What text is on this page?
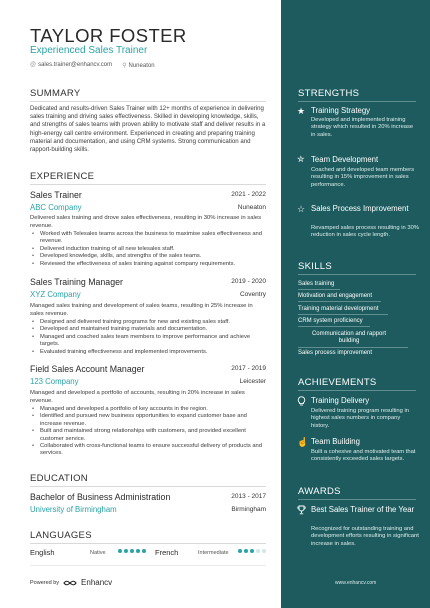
TAYLOR FOSTER
Experienced Sales Trainer
@ sales.trainer@enhancv.com ⚲ Nuneaton
SUMMARY
Dedicated and results-driven Sales Trainer with 12+ months of experience in delivering sales training and driving sales effectiveness. Skilled in developing knowledge, skills, and strengths of sales teams with proven ability to motivate staff and deliver results in a high-energy call centre environment. Experienced in creating and preparing training material and documentation, and using CRM systems. Strong communication and rapport-building skills.
EXPERIENCE
Sales Trainer	2021 - 2022
ABC Company	Nuneaton
Delivered sales training and drove sales effectiveness, resulting in 30% increase in sales revenue.
• Worked with Telesales teams across the business to maximise sales effectiveness and revenue.
• Delivered induction training of all new telesales staff.
• Developed knowledge, skills, and strengths of the sales teams.
• Reviewed the effectiveness of sales training against company requirements.
Sales Training Manager	2019 - 2020
XYZ Company	Coventry
Managed sales training and development of sales teams, resulting in 25% increase in sales revenue.
• Designed and delivered training programs for new and existing sales staff.
• Developed and maintained training materials and documentation.
• Managed and coached sales team members to improve performance and achieve targets.
• Evaluated training effectiveness and implemented improvements.
Field Sales Account Manager	2017 - 2019
123 Company	Leicester
Managed and developed a portfolio of accounts, resulting in 20% increase in sales revenue.
• Managed and developed a portfolio of key accounts in the region.
• Identified and pursued new business opportunities to expand customer base and increase revenue.
• Built and maintained strong relationships with customers, and provided excellent customer service.
• Collaborated with cross-functional teams to ensure successful delivery of products and services.
EDUCATION
Bachelor of Business Administration	2013 - 2017
University of Birmingham	Birmingham
LANGUAGES
English	Native	French	Intermediate
Powered by	Enhancv
STRENGTHS
★ Training Strategy
Developed and implemented training strategy which resulted in 20% increase in sales.
✮ Team Development
Coached and developed team members resulting in 15% improvement in sales performance.
☆ Sales Process Improvement
Revamped sales process resulting in 30% reduction in sales cycle length.
SKILLS
Sales training
Motivation and engagement
Training material development
CRM system proficiency
Communication and rapport building
Sales process improvement
ACHIEVEMENTS
Training Delivery
Delivered training program resulting in highest sales numbers in company history.
☝ Team Building
Built a cohesive and motivated team that consistently exceeded sales targets.
AWARDS
Best Sales Trainer of the Year
Recognized for outstanding training and development efforts resulting in significant increase in sales.
www.enhancv.com
